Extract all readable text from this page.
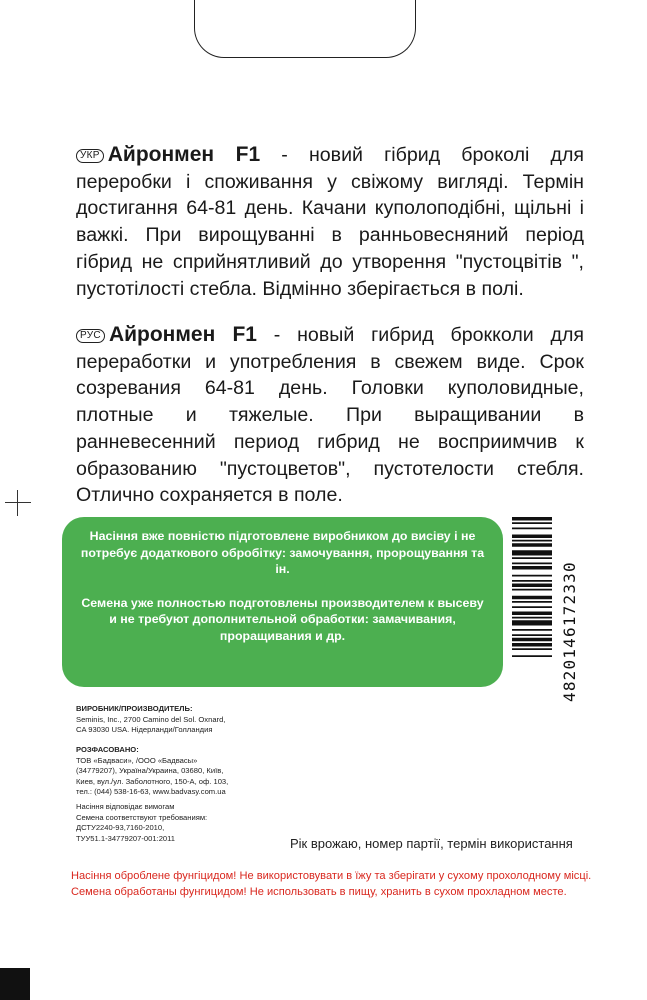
УКР Айронмен F1 - новий гібрид броколі для переробки і споживання у свіжому вигляді. Термін достигання 64-81 день. Качани куполоподібні, щільні і важкі. При вирощуванні в ранньовесняний період гібрид не сприйнятливий до утворення "пустоцвітів ", пустотілості стебла. Відмінно зберігається в полі.
РУС Айронмен F1 - новый гибрид брокколи для переработки и употребления в свежем виде. Срок созревания 64-81 день. Головки куполовидные, плотные и тяжелые. При выращивании в ранневесенний период гибрид не восприимчив к образованию "пустоцветов", пустотелости стебля. Отлично сохраняется в поле.

Насіння вже повністю підготовлене виробником до висіву і не потребує додаткового обробітку: замочування, пророщування та ін.

Семена уже полностью подготовлены производителем к высеву и не требуют дополнительной обработки: замачивания, проращивания и др.	4820146172330
ВИРОБНИК/ПРОИЗВОДИТЕЛЬ:
Seminis, Inc., 2700 Camino del Sol. Oxnard,
CA 93030 USA. Нідерланди/Голландия
РОЗФАСОВАНО:
ТОВ «Бадваси», /ООО «Бадвасы»
(34779207), Україна/Украина, 03680, Київ,
Киев, вул./ул. Заболотного, 150-А, оф. 103,
тел.: (044) 538-16-63, www.badvasy.com.ua
Насіння відповідає вимогам
Семена соответствуют требованиям:
ДСТУ2240-93,7160-2010,
ТУУ51.1-34779207-001:2011	Рік врожаю, номер партії, термін використання
Насіння оброблене фунгіцидом! Не використовувати в їжу та зберігати у сухому прохолодному місці.
Семена обработаны фунгицидом! Не использовать в пищу, хранить в сухом прохладном месте.
